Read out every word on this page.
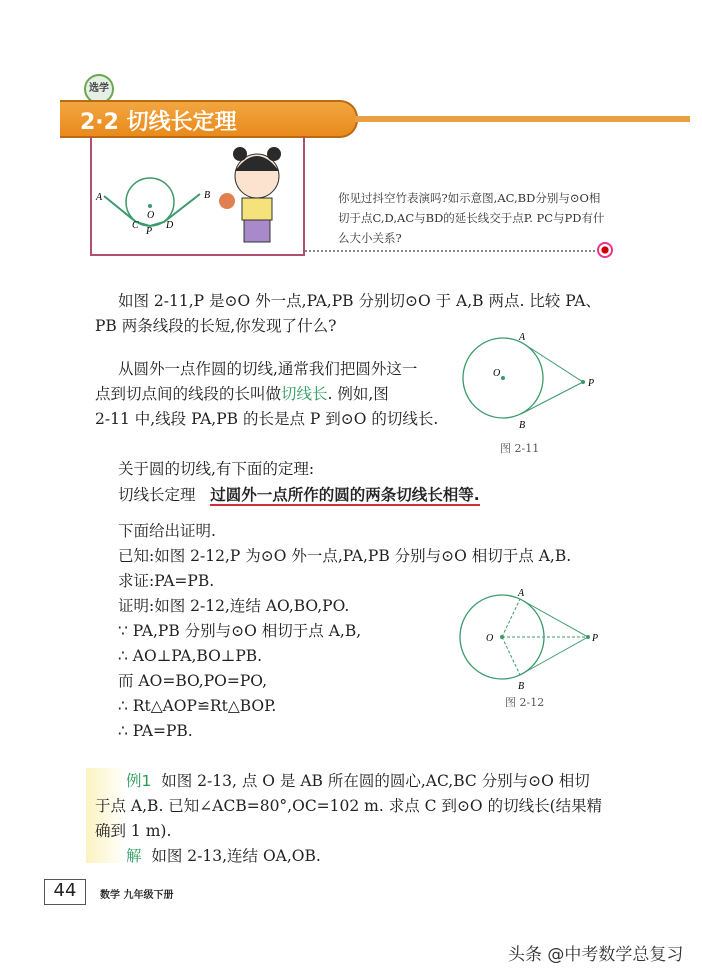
选学
2·2 切线长定理
A	B
O
C
P
D
你见过抖空竹表演吗?如示意图,AC,BD分别与⊙O相切于点C,D,AC与BD的延长线交于点P. PC与PD有什么大小关系?
如图 2-11,P 是⊙O 外一点,PA,PB 分别切⊙O 于 A,B 两点. 比较 PA、
PB 两条线段的长短,你发现了什么?
从圆外一点作圆的切线,通常我们把圆外这一
点到切点间的线段的长叫做切线长. 例如,图
2-11 中,线段 PA,PB 的长是点 P 到⊙O 的切线长.
A
O
P
B
图 2-11
关于圆的切线,有下面的定理:
切线长定理 过圆外一点所作的圆的两条切线长相等.
下面给出证明.
已知:如图 2-12,P 为⊙O 外一点,PA,PB 分别与⊙O 相切于点 A,B.
求证:PA=PB.
证明:如图 2-12,连结 AO,BO,PO.
∵ PA,PB 分别与⊙O 相切于点 A,B,
∴ AO⊥PA,BO⊥PB.
而 AO=BO,PO=PO,
∴ Rt△AOP≌Rt△BOP.
∴ PA=PB.
A
O	P
B
图 2-12
例1 如图 2-13, 点 O 是 AB 所在圆的圆心,AC,BC 分别与⊙O 相切
于点 A,B. 已知∠ACB=80°,OC=102 m. 求点 C 到⊙O 的切线长(结果精
确到 1 m).
解 如图 2-13,连结 OA,OB.
44	数学 九年级下册
头条 @中考数学总复习
